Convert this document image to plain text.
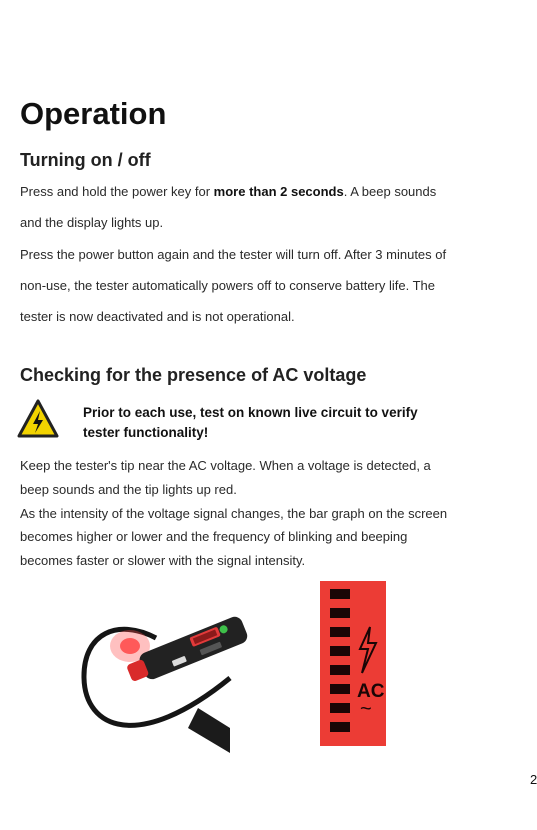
Operation
Turning on / off
Press and hold the power key for more than 2 seconds. A beep sounds
and the display lights up.
Press the power button again and the tester will turn off. After 3 minutes of
non-use, the tester automatically powers off to conserve battery life. The
tester is now deactivated and is not operational.
Checking for the presence of AC voltage
Prior to each use, test on known live circuit to verify
tester functionality!
Keep the tester's tip near the AC voltage. When a voltage is detected, a
beep sounds and the tip lights up red.
As the intensity of the voltage signal changes, the bar graph on the screen
becomes higher or lower and the frequency of blinking and beeping
becomes faster or slower with the signal intensity.
AC
~
2
